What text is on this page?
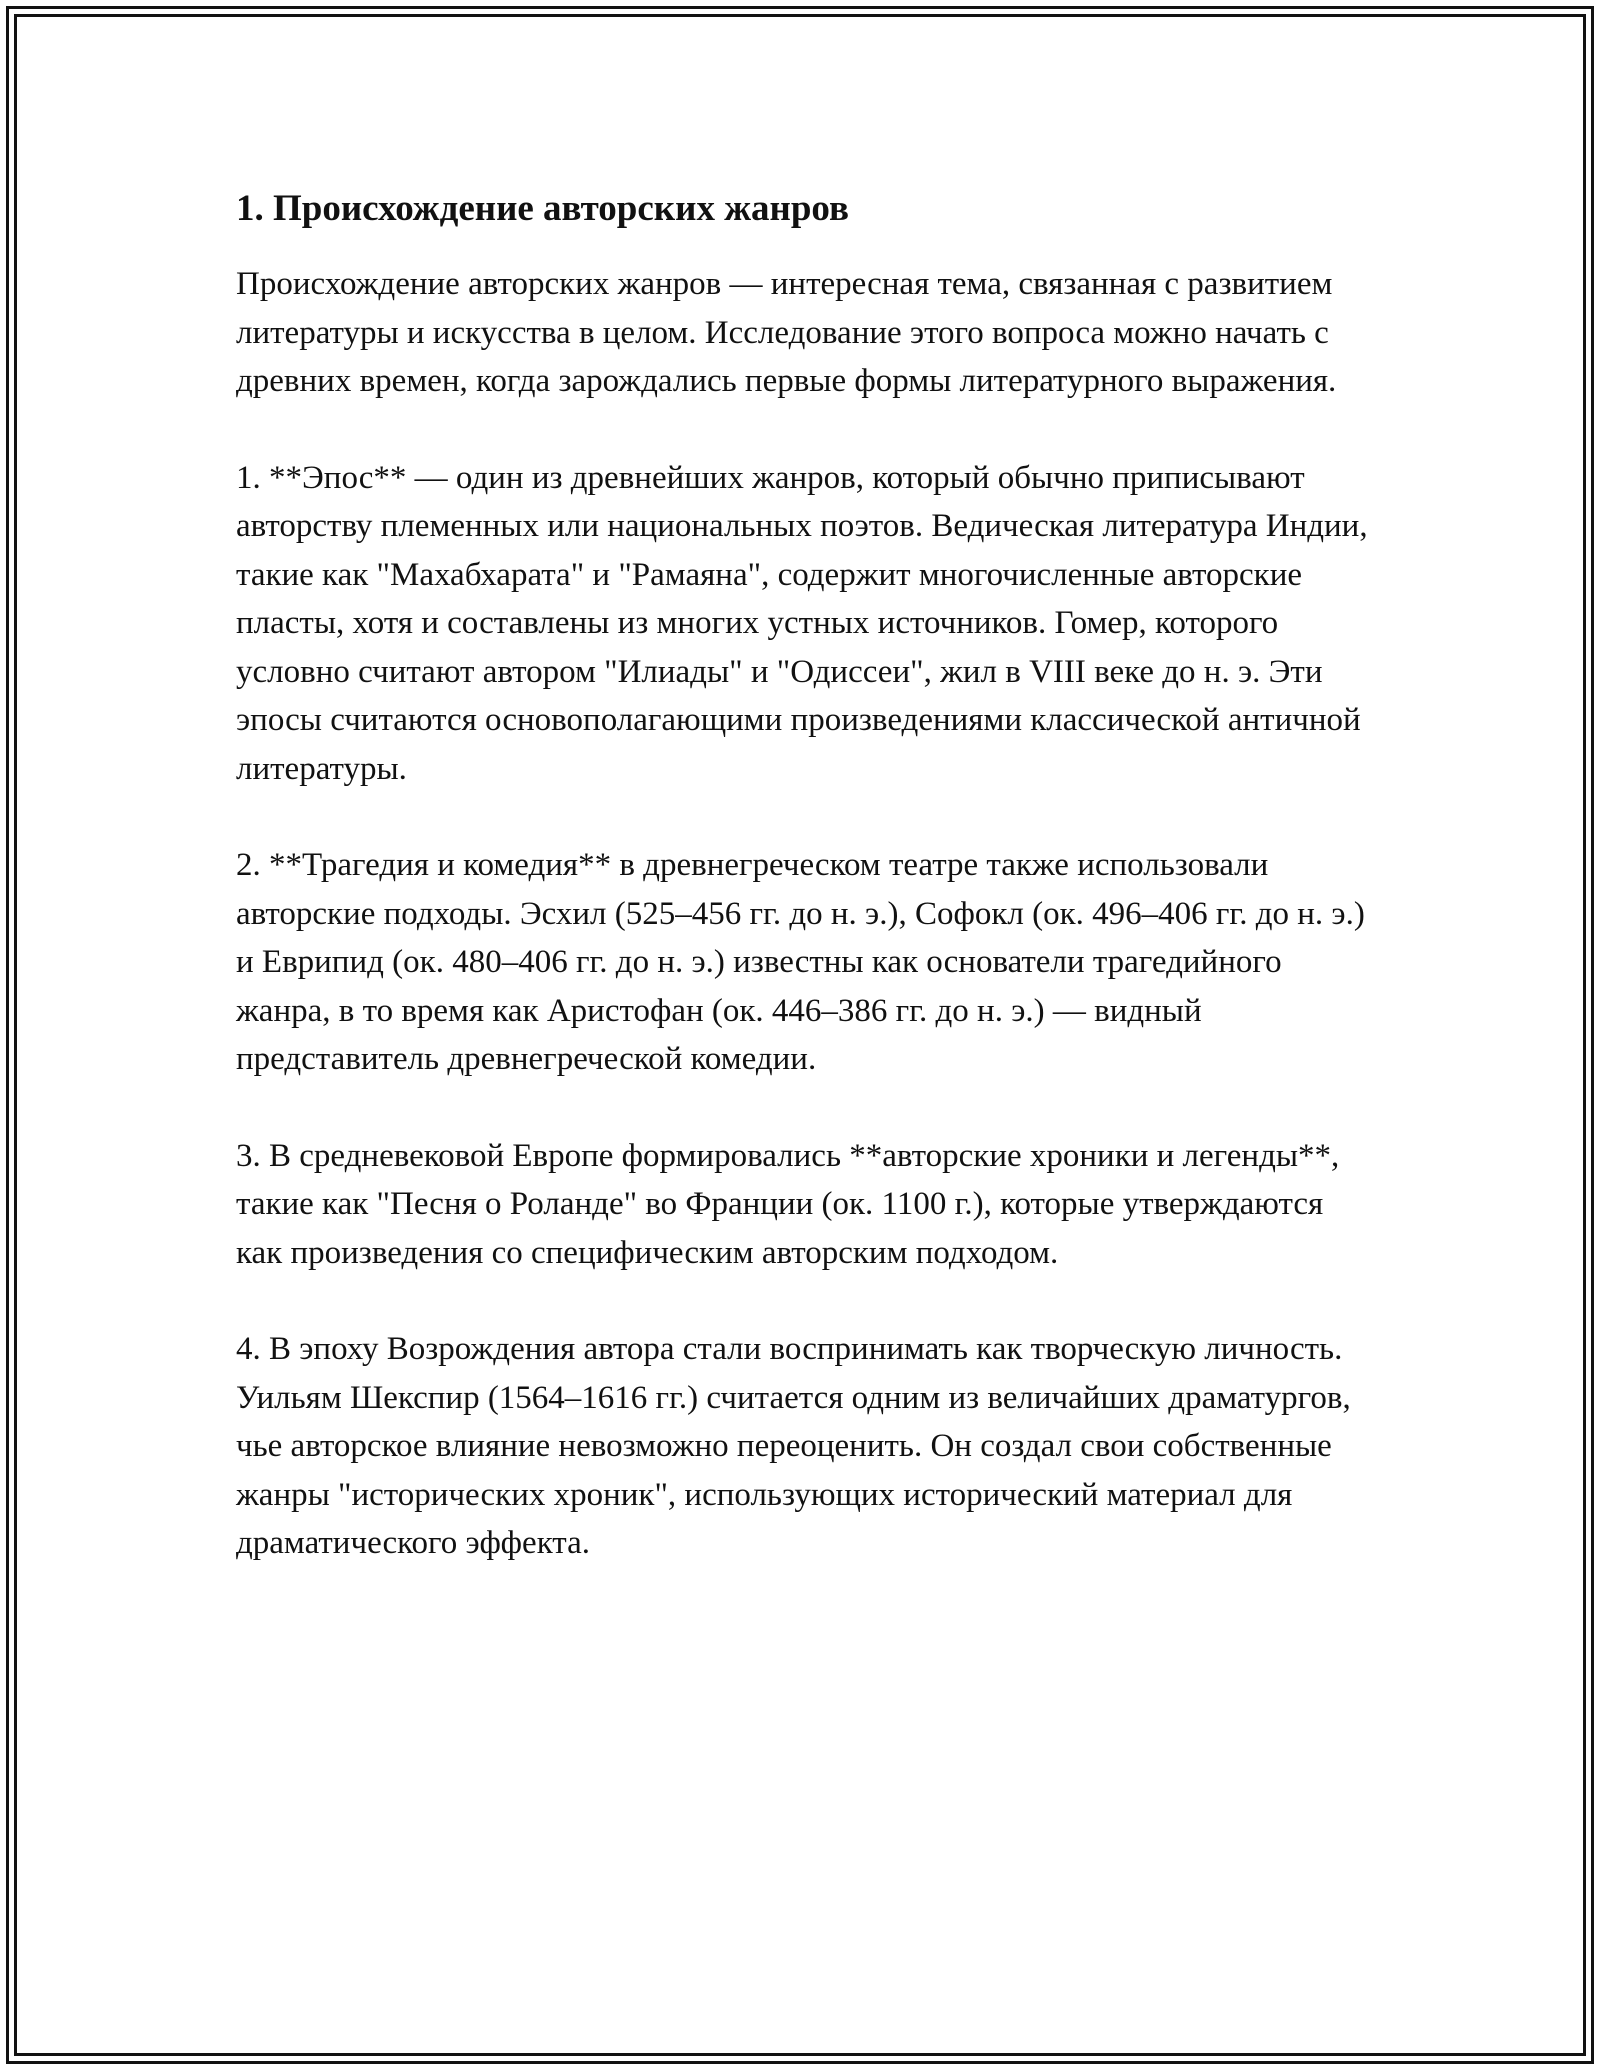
1. Происхождение авторских жанров

Происхождение авторских жанров — интересная тема, связанная с развитием литературы и искусства в целом. Исследование этого вопроса можно начать с древних времен, когда зарождались первые формы литературного выражения.

1. **Эпос** — один из древнейших жанров, который обычно приписывают авторству племенных или национальных поэтов. Ведическая литература Индии, такие как "Махабхарата" и "Рамаяна", содержит многочисленные авторские пласты, хотя и составлены из многих устных источников. Гомер, которого условно считают автором "Илиады" и "Одиссеи", жил в VIII веке до н. э. Эти эпосы считаются основополагающими произведениями классической античной литературы.

2. **Трагедия и комедия** в древнегреческом театре также использовали авторские подходы. Эсхил (525–456 гг. до н. э.), Софокл (ок. 496–406 гг. до н. э.) и Еврипид (ок. 480–406 гг. до н. э.) известны как основатели трагедийного жанра, в то время как Аристофан (ок. 446–386 гг. до н. э.) — видный представитель древнегреческой комедии.

3. В средневековой Европе формировались **авторские хроники и легенды**, такие как "Песня о Роланде" во Франции (ок. 1100 г.), которые утверждаются как произведения со специфическим авторским подходом.

4. В эпоху Возрождения автора стали воспринимать как творческую личность. Уильям Шекспир (1564–1616 гг.) считается одним из величайших драматургов, чье авторское влияние невозможно переоценить. Он создал свои собственные жанры "исторических хроник", использующих исторический материал для драматического эффекта.
